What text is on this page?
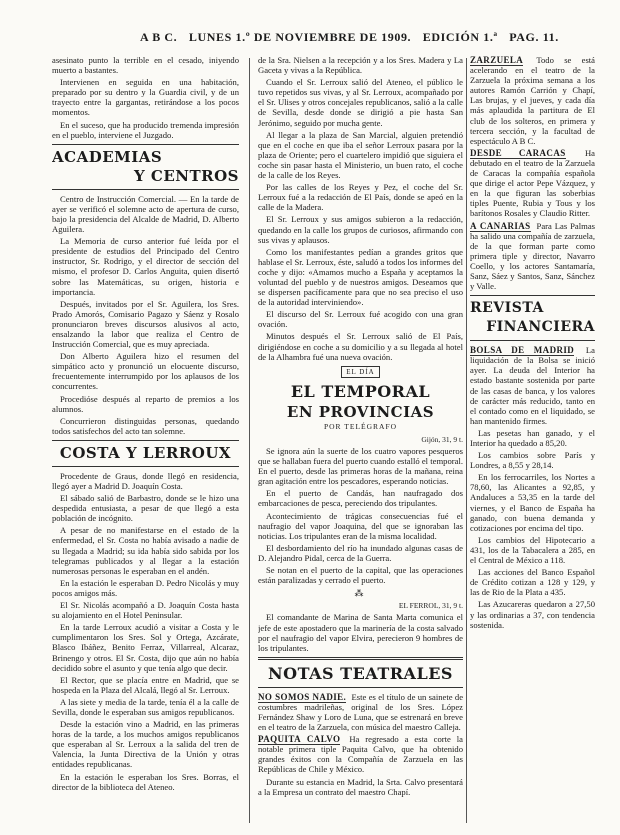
A B C. LUNES 1.º DE NOVIEMBRE DE 1909. EDICIÓN 1.ª PAG. 11.

asesinato punto la terrible en el cesado, iniyendo muerto a bastantes.

Intervienen en seguida en una habitación, preparado por su dentro y la Guardia civil, y de un trayecto entre la gargantas, retirándose a los pocos momentos.

En el suceso, que ha producido tremenda impresión en el pueblo, interviene el Juzgado.

ACADEMIAS
Y CENTROS

Centro de Instrucción Comercial. — En la tarde de ayer se verificó el solemne acto de apertura de curso, bajo la presidencia del Alcalde de Madrid, D. Alberto Aguilera.

La Memoria de curso anterior fué leída por el presidente de estudios del Principado del Centro instructor, Sr. Rodrigo, y el director de sección del mismo, el profesor D. Carlos Anguita, quien disertó sobre las Matemáticas, su origen, historia e importancia.

Después, invitados por el Sr. Aguilera, los Sres. Prado Amorós, Comisario Pagazo y Sáenz y Rosalo pronunciaron breves discursos alusivos al acto, ensalzando la labor que realiza el Centro de Instrucción Comercial, que es muy apreciada.

Don Alberto Aguilera hizo el resumen del simpático acto y pronunció un elocuente discurso, frecuentemente interrumpido por los aplausos de los concurrentes.

Procedióse después al reparto de premios a los alumnos.

Concurrieron distinguidas personas, quedando todos satisfechos del acto tan solemne.

COSTA Y LERROUX

Procedente de Graus, donde llegó en residencia, llegó ayer a Madrid D. Joaquín Costa.

El sábado salió de Barbastro, donde se le hizo una despedida entusiasta, a pesar de que llegó a esta población de incógnito.

A pesar de no manifestarse en el estado de la enfermedad, el Sr. Costa no había avisado a nadie de su llegada a Madrid; su ida había sido sabida por los telegramas publicados y al llegar a la estación numerosas personas le esperaban en el andén.

En la estación le esperaban D. Pedro Nicolás y muy pocos amigos más.

El Sr. Nicolás acompañó a D. Joaquín Costa hasta su alojamiento en el Hotel Peninsular.

En la tarde Lerroux acudió a visitar a Costa y le cumplimentaron los Sres. Sol y Ortega, Azcárate, Blasco Ibáñez, Benito Ferraz, Villarreal, Alcaraz, Brinengo y otros. El Sr. Costa, dijo que aún no había decidido sobre el asunto y que tenía algo que decir.

El Rector, que se placía entre en Madrid, que se hospeda en la Plaza del Alcalá, llegó al Sr. Lerroux.

A las siete y media de la tarde, tenía él a la calle de Sevilla, donde le esperaban sus amigos republicanos.

Desde la estación vino a Madrid, en las primeras horas de la tarde, a los muchos amigos republicanos que esperaban al Sr. Lerroux a la salida del tren de Valencia, la Junta Directiva de la Unión y otras entidades republicanas.

En la estación le esperaban los Sres. Borras, el director de la biblioteca del Ateneo.

de la Sra. Nielsen a la recepción y a los Sres. Madera y La Gaceta y vivas a la República.

Cuando el Sr. Lerroux salió del Ateneo, el público le tuvo repetidos sus vivas, y al Sr. Lerroux, acompañado por el Sr. Ulises y otros concejales republicanos, salió a la calle de Sevilla, desde donde se dirigió a pie hasta San Jerónimo, seguido por mucha gente.

Al llegar a la plaza de San Marcial, alguien pretendió que en el coche en que iba el señor Lerroux pasara por la plaza de Oriente; pero el cuartelero impidió que siguiera el coche sin pasar hasta el Ministerio, un buen rato, el coche de la calle de los Reyes.

Por las calles de los Reyes y Pez, el coche del Sr. Lerroux fué a la redacción de El País, donde se apeó en la calle de la Madera.

El Sr. Lerroux y sus amigos subieron a la redacción, quedando en la calle los grupos de curiosos, afirmando con sus vivas y aplausos.

Como los manifestantes pedían a grandes gritos que hablase el Sr. Lerroux, éste, saludó a todos los informes del coche y dijo: «Amamos mucho a España y aceptamos la voluntad del pueblo y de nuestros amigos. Deseamos que se dispersen pacíficamente para que no sea preciso el uso de la autoridad interviniendo».

El discurso del Sr. Lerroux fué acogido con una gran ovación.

Minutos después el Sr. Lerroux salió de El País, dirigiéndose en coche a su domicilio y a su llegada al hotel de la Alhambra fué una nueva ovación.

EL DÍA
EL TEMPORAL
EN PROVINCIAS
POR TELÉGRAFO
Gijón, 31, 9 t.

Se ignora aún la suerte de los cuatro vapores pesqueros que se hallaban fuera del puerto cuando estalló el temporal. En el puerto, desde las primeras horas de la mañana, reina gran agitación entre los pescadores, esperando noticias.

En el puerto de Candás, han naufragado dos embarcaciones de pesca, pereciendo dos tripulantes.

Acontecimiento de trágicas consecuencias fué el naufragio del vapor Joaquina, del que se ignoraban las noticias. Los tripulantes eran de la misma localidad.

El desbordamiento del río ha inundado algunas casas de D. Alejandro Pidal, cerca de la Guerra.

Se notan en el puerto de la capital, que las operaciones están paralizadas y cerrado el puerto.

⁂
EL FERROL, 31, 9 t.

El comandante de Marina de Santa Marta comunica el jefe de este apostadero que la marinería de la costa salvado por el naufragio del vapor Elvira, perecieron 9 hombres de los tripulantes.

NOTAS TEATRALES

NO SOMOS NADIE. Este es el título de un sainete de costumbres madrileñas, original de los Sres. López Fernández Shaw y Loro de Luna, que se estrenará en breve en el teatro de la Zarzuela, con música del maestro Calleja.

PAQUITA CALVO Ha regresado a esta corte la notable primera tiple Paquita Calvo, que ha obtenido grandes éxitos con la Compañía de Zarzuela en las Repúblicas de Chile y México.

Durante su estancia en Madrid, la Srta. Calvo presentará a la Empresa un contrato del maestro Chapí.

ZARZUELA Todo se está acelerando en el teatro de la Zarzuela la próxima semana a los autores Ramón Carrión y Chapí, Las brujas, y el jueves, y cada día más aplaudida la partitura de El club de los solteros, en primera y tercera sección, y la facultad de espectáculo A B C.

DESDE CARACAS Ha debutado en el teatro de la Zarzuela de Caracas la compañía española que dirige el actor Pepe Vázquez, y en la que figuran las soberbias tiples Puente, Rubia y Tous y los barítonos Rosales y Claudio Ritter.

A CANARIAS Para Las Palmas ha salido una compañía de zarzuela, de la que forman parte como primera tiple y director, Navarro Coello, y los actores Santamaría, Sanz, Sáez y Santos, Sanz, Sánchez y Valle.

REVISTA
FINANCIERA

BOLSA DE MADRID La liquidación de la Bolsa se inició ayer. La deuda del Interior ha estado bastante sostenida por parte de las casas de banca, y los valores de carácter más reducido, tanto en el contado como en el liquidado, se han mantenido firmes.

Las pesetas han ganado, y el Interior ha quedado a 85,20.

Los cambios sobre París y Londres, a 8,55 y 28,14.

En los ferrocarriles, los Nortes a 78,60, las Alicantes a 92,85, y Andaluces a 53,35 en la tarde del viernes, y el Banco de España ha ganado, con buena demanda y cotizaciones por encima del tipo.

Los cambios del Hipotecario a 431, los de la Tabacalera a 285, en el Central de México a 118.

Las acciones del Banco Español de Crédito cotizan a 128 y 129, y las de Rio de la Plata a 435.

Las Azucareras quedaron a 27,50 y las ordinarias a 37, con tendencia sostenida.
